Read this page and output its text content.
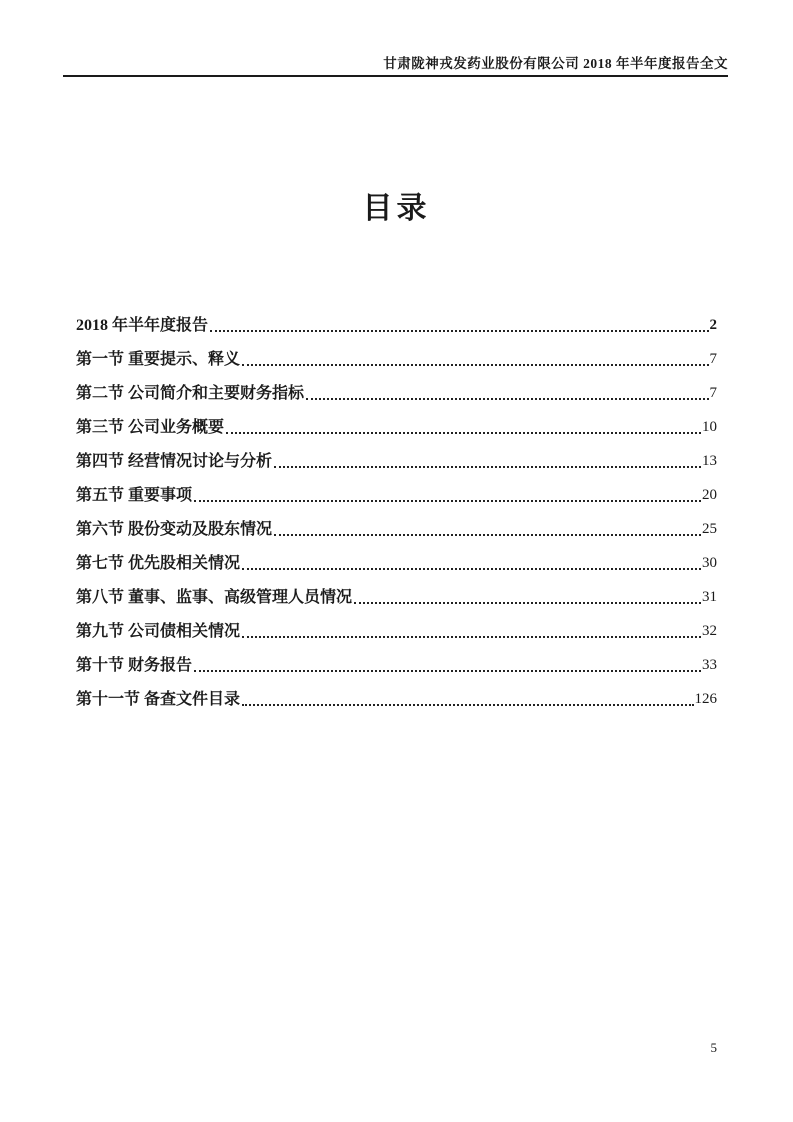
甘肃陇神戎发药业股份有限公司 2018 年半年度报告全文
目录
2018 年半年度报告	2
第一节 重要提示、释义	7
第二节 公司简介和主要财务指标	7
第三节 公司业务概要	10
第四节 经营情况讨论与分析	13
第五节 重要事项	20
第六节 股份变动及股东情况	25
第七节 优先股相关情况	30
第八节 董事、监事、高级管理人员情况	31
第九节 公司债相关情况	32
第十节 财务报告	33
第十一节 备查文件目录	126
5
